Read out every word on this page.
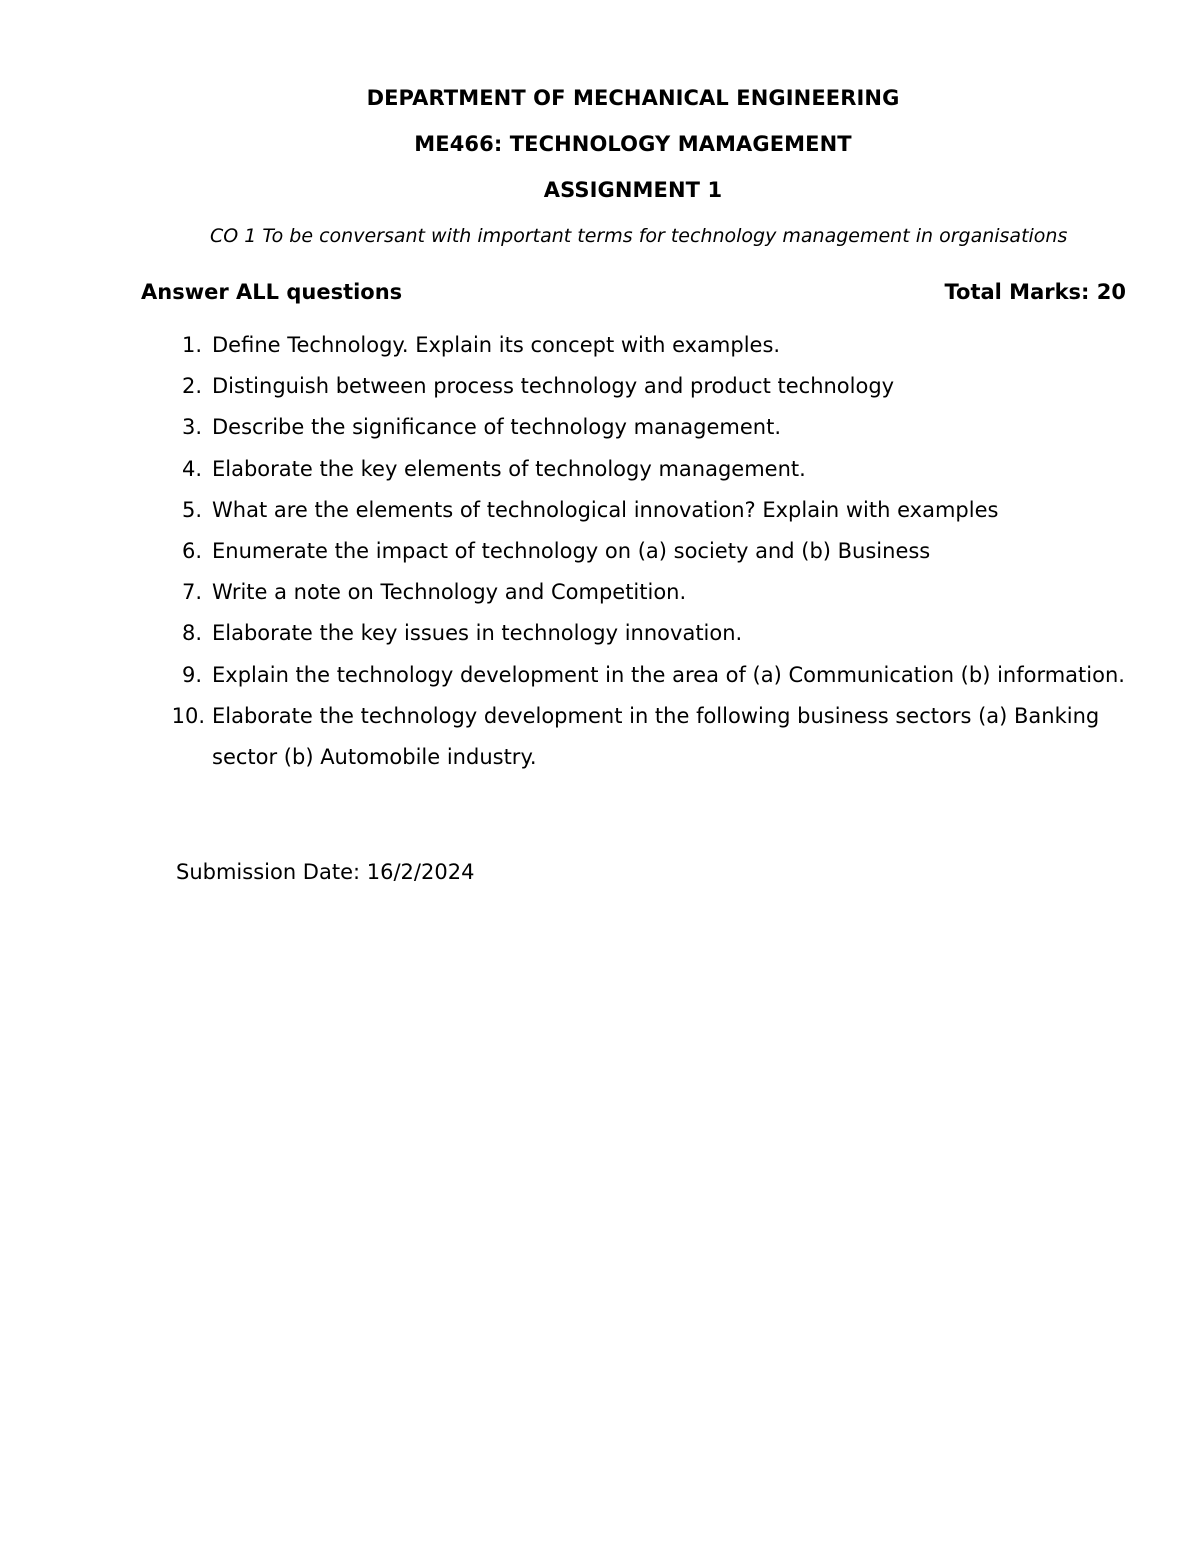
DEPARTMENT OF MECHANICAL ENGINEERING
ME466: TECHNOLOGY MAMAGEMENT
ASSIGNMENT 1
CO 1 To be conversant with important terms for technology management in organisations
Answer ALL questions	Total Marks: 20
1. Define Technology. Explain its concept with examples.
2. Distinguish between process technology and product technology
3. Describe the significance of technology management.
4. Elaborate the key elements of technology management.
5. What are the elements of technological innovation? Explain with examples
6. Enumerate the impact of technology on (a) society and (b) Business
7. Write a note on Technology and Competition.
8. Elaborate the key issues in technology innovation.
9. Explain the technology development in the area of (a) Communication (b) information.
10. Elaborate the technology development in the following business sectors (a) Banking sector (b) Automobile industry.
Submission Date: 16/2/2024
